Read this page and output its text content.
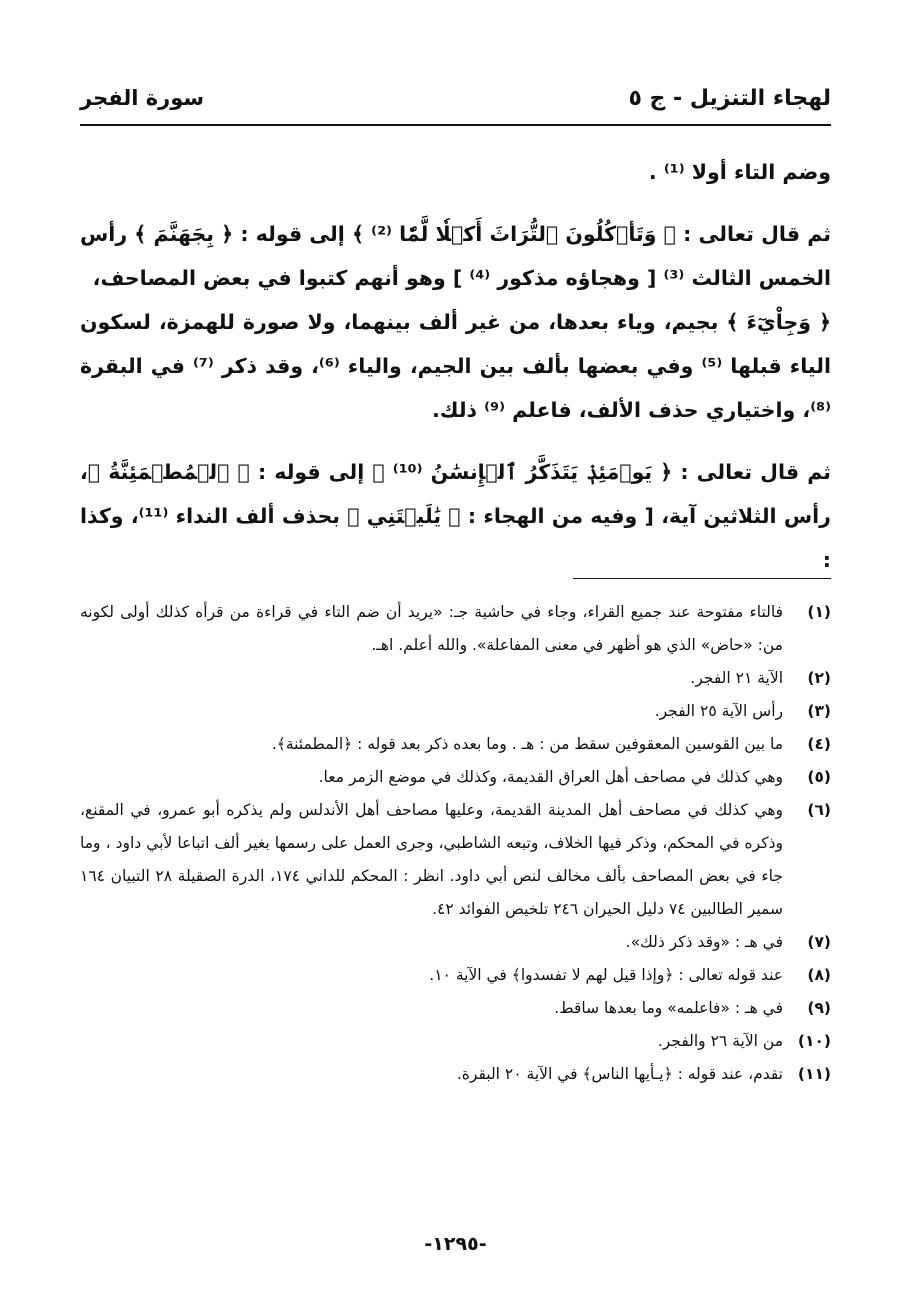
لهجاء التنزيل - ج ٥
سورة الفجر

وضم التاء أولا ⁽¹⁾ .

ثم قال تعالى : ﴿ وَتَأۡكُلُونَ ٱلتُّرَاثَ أَكۡلٗا لَّمّٗا ⁽²⁾ ﴾ إلى قوله : ﴿ بِجَهَنَّمَ ﴾ رأس الخمس الثالث ⁽³⁾ [ وهجاؤه مذكور ⁽⁴⁾ ] وهو أنهم كتبوا في بعض المصاحف،

﴿ وَجِاْيٓءَ ﴾ بجيم، وياء بعدها، من غير ألف بينهما، ولا صورة للهمزة، لسكون الياء قبلها ⁽⁵⁾ وفي بعضها بألف بين الجيم، والياء ⁽⁶⁾، وقد ذكر ⁽⁷⁾ في البقرة ⁽⁸⁾، واختياري حذف الألف، فاعلم ⁽⁹⁾ ذلك.

ثم قال تعالى : ﴿ يَوۡمَئِذٖ يَتَذَكَّرُ ٱلۡإِنسَٰنُ ⁽¹⁰⁾ ﴾ إلى قوله : ﴿ ٱلۡمُطۡمَئِنَّةُ ﴾، رأس الثلاثين آية، [ وفيه من الهجاء : ﴿ يَٰلَيۡتَنِي ﴾ بحذف ألف النداء ⁽¹¹⁾، وكذا :

(١)
فالتاء مفتوحة عند جميع القراء، وجاء في حاشية جـ: «يريد أن ضم التاء في قراءة من قرأه كذلك أولى لكونه من: «حاض» الذي هو أظهر في معنى المفاعلة». والله أعلم. اهـ.
(٢)
الآية ٢١ الفجر.
(٣)
رأس الآية ٢٥ الفجر.
(٤)
ما بين القوسين المعقوفين سقط من : هـ . وما بعده ذكر بعد قوله : ﴿المطمئنة﴾.
(٥)
وهي كذلك في مصاحف أهل العراق القديمة، وكذلك في موضع الزمر معا.
(٦)
وهي كذلك في مصاحف أهل المدينة القديمة، وعليها مصاحف أهل الأندلس ولم يذكره أبو عمرو، في المقنع، وذكره في المحكم، وذكر فيها الخلاف، وتبعه الشاطبي، وجرى العمل على رسمها بغير ألف اتباعا لأبي داود ، وما جاء في بعض المصاحف بألف مخالف لنص أبي داود. انظر : المحكم للداني ١٧٤، الدرة الصقيلة ٢٨ التبيان ١٦٤ سمير الطالبين ٧٤ دليل الحيران ٢٤٦ تلخيص الفوائد ٤٢.
(٧)
في هـ : «وقد ذكر ذلك».
(٨)
عند قوله تعالى : ﴿وإذا قيل لهم لا تفسدوا﴾ في الآية ١٠.
(٩)
في هـ : «فاعلمه» وما بعدها ساقط.
(١٠)
من الآية ٢٦ والفجر.
(١١)
تقدم، عند قوله : ﴿يـأيها الناس﴾ في الآية ٢٠ البقرة.
-١٢٩٥-
